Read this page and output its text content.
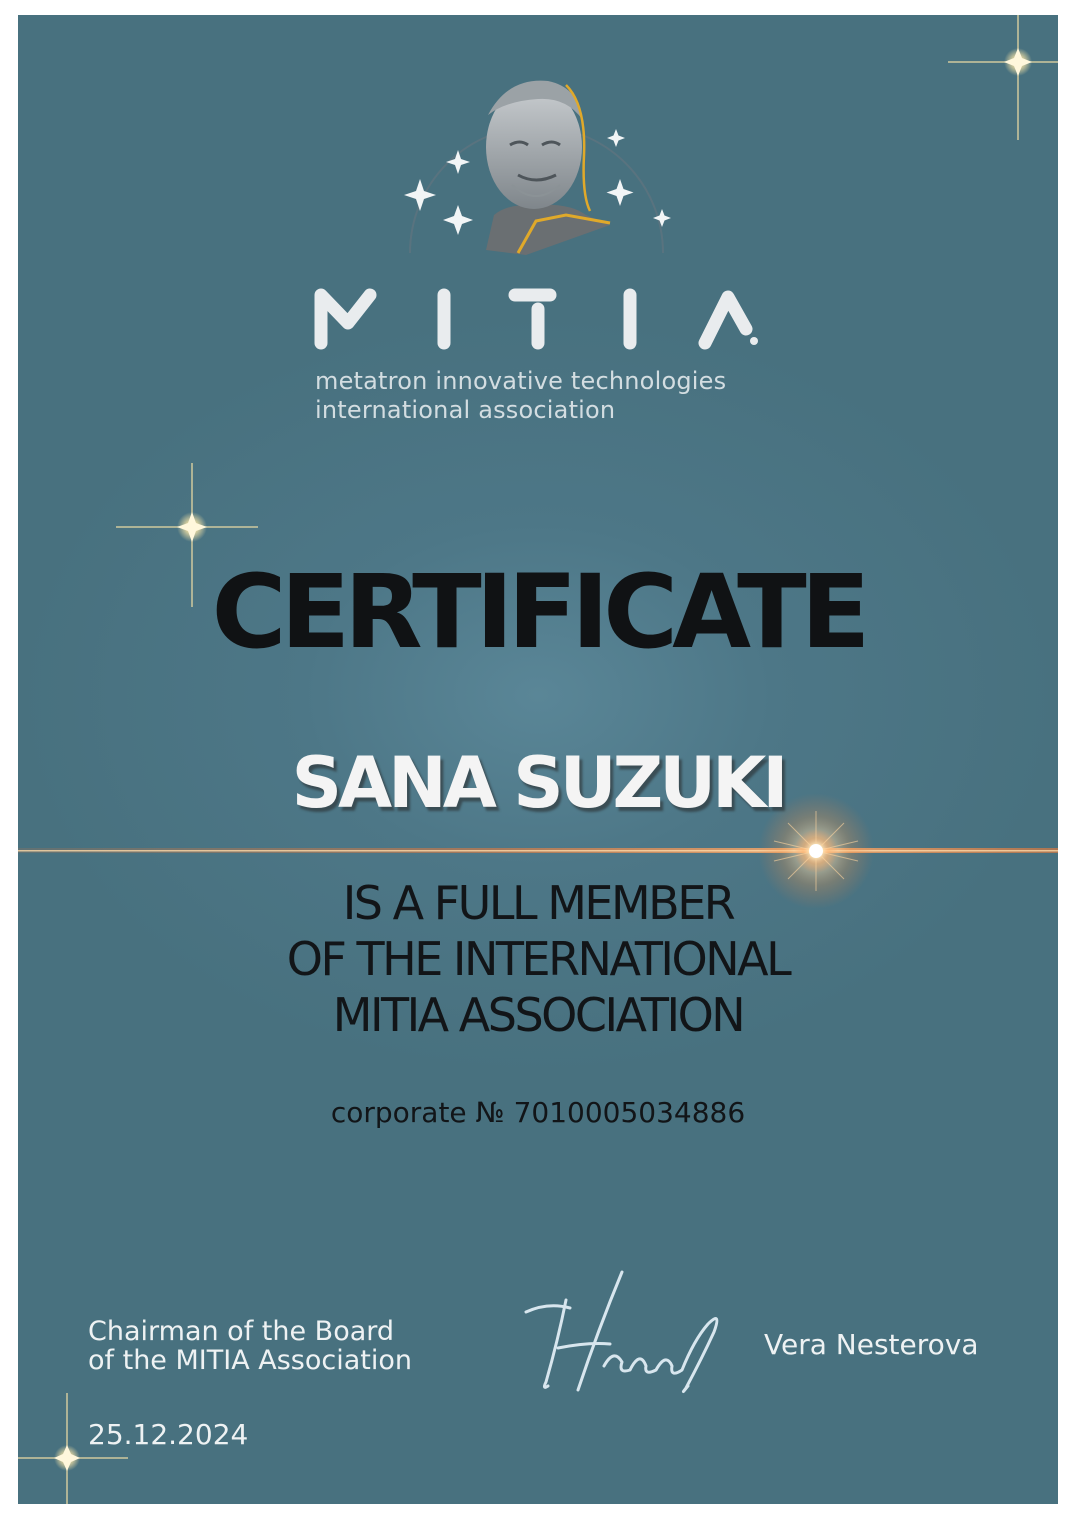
metatron innovative technologies
international association
CERTIFICATE
SANA SUZUKI
IS A FULL MEMBER
OF THE INTERNATIONAL
MITIA ASSOCIATION
corporate № 7010005034886
Chairman of the Board
of the MITIA Association	Vera Nesterova
25.12.2024
